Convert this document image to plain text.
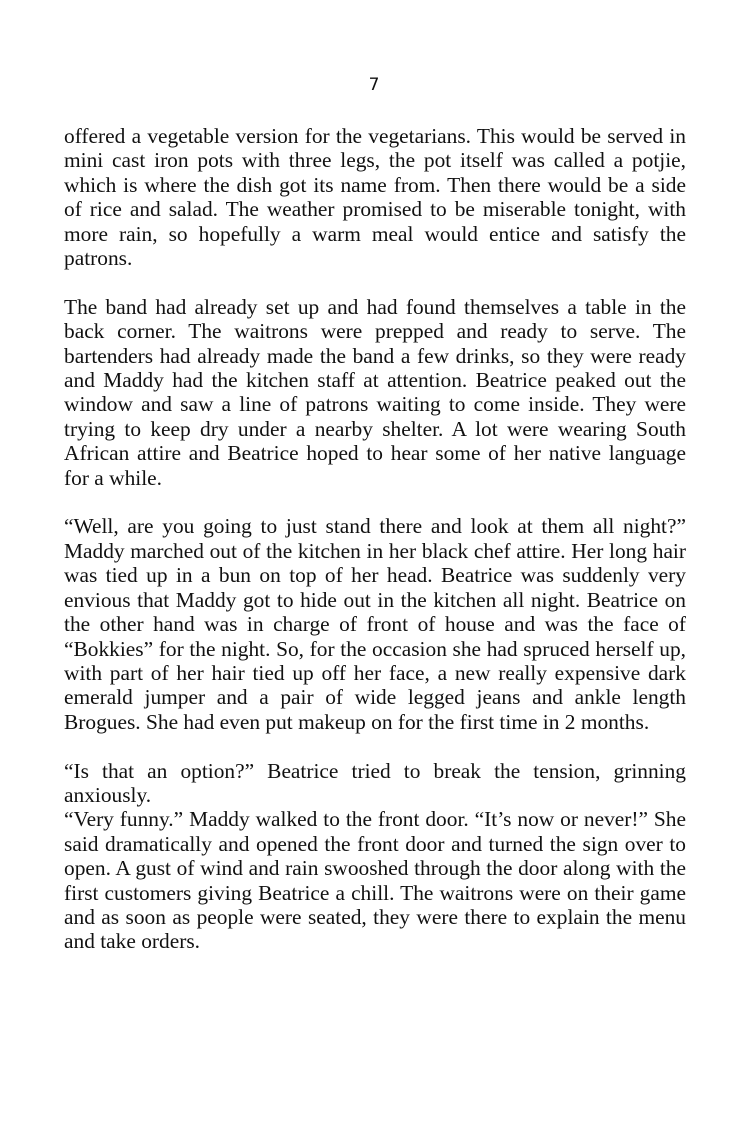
7

offered a vegetable version for the vegetarians. This would be served in mini cast iron pots with three legs, the pot itself was called a potjie, which is where the dish got its name from. Then there would be a side of rice and salad. The weather promised to be miserable tonight, with more rain, so hopefully a warm meal would entice and satisfy the patrons.

The band had already set up and had found themselves a table in the back corner. The waitrons were prepped and ready to serve. The bartenders had already made the band a few drinks, so they were ready and Maddy had the kitchen staff at attention. Beatrice peaked out the window and saw a line of patrons waiting to come inside. They were trying to keep dry under a nearby shelter. A lot were wearing South African attire and Beatrice hoped to hear some of her native language for a while.

“Well, are you going to just stand there and look at them all night?” Maddy marched out of the kitchen in her black chef attire. Her long hair was tied up in a bun on top of her head. Beatrice was suddenly very envious that Maddy got to hide out in the kitchen all night. Beatrice on the other hand was in charge of front of house and was the face of “Bokkies” for the night. So, for the occasion she had spruced herself up, with part of her hair tied up off her face, a new really expensive dark emerald jumper and a pair of wide legged jeans and ankle length Brogues. She had even put makeup on for the first time in 2 months.

“Is that an option?” Beatrice tried to break the tension, grinning anxiously.

“Very funny.” Maddy walked to the front door. “It’s now or never!” She said dramatically and opened the front door and turned the sign over to open. A gust of wind and rain swooshed through the door along with the first customers giving Beatrice a chill. The waitrons were on their game and as soon as people were seated, they were there to explain the menu and take orders.
